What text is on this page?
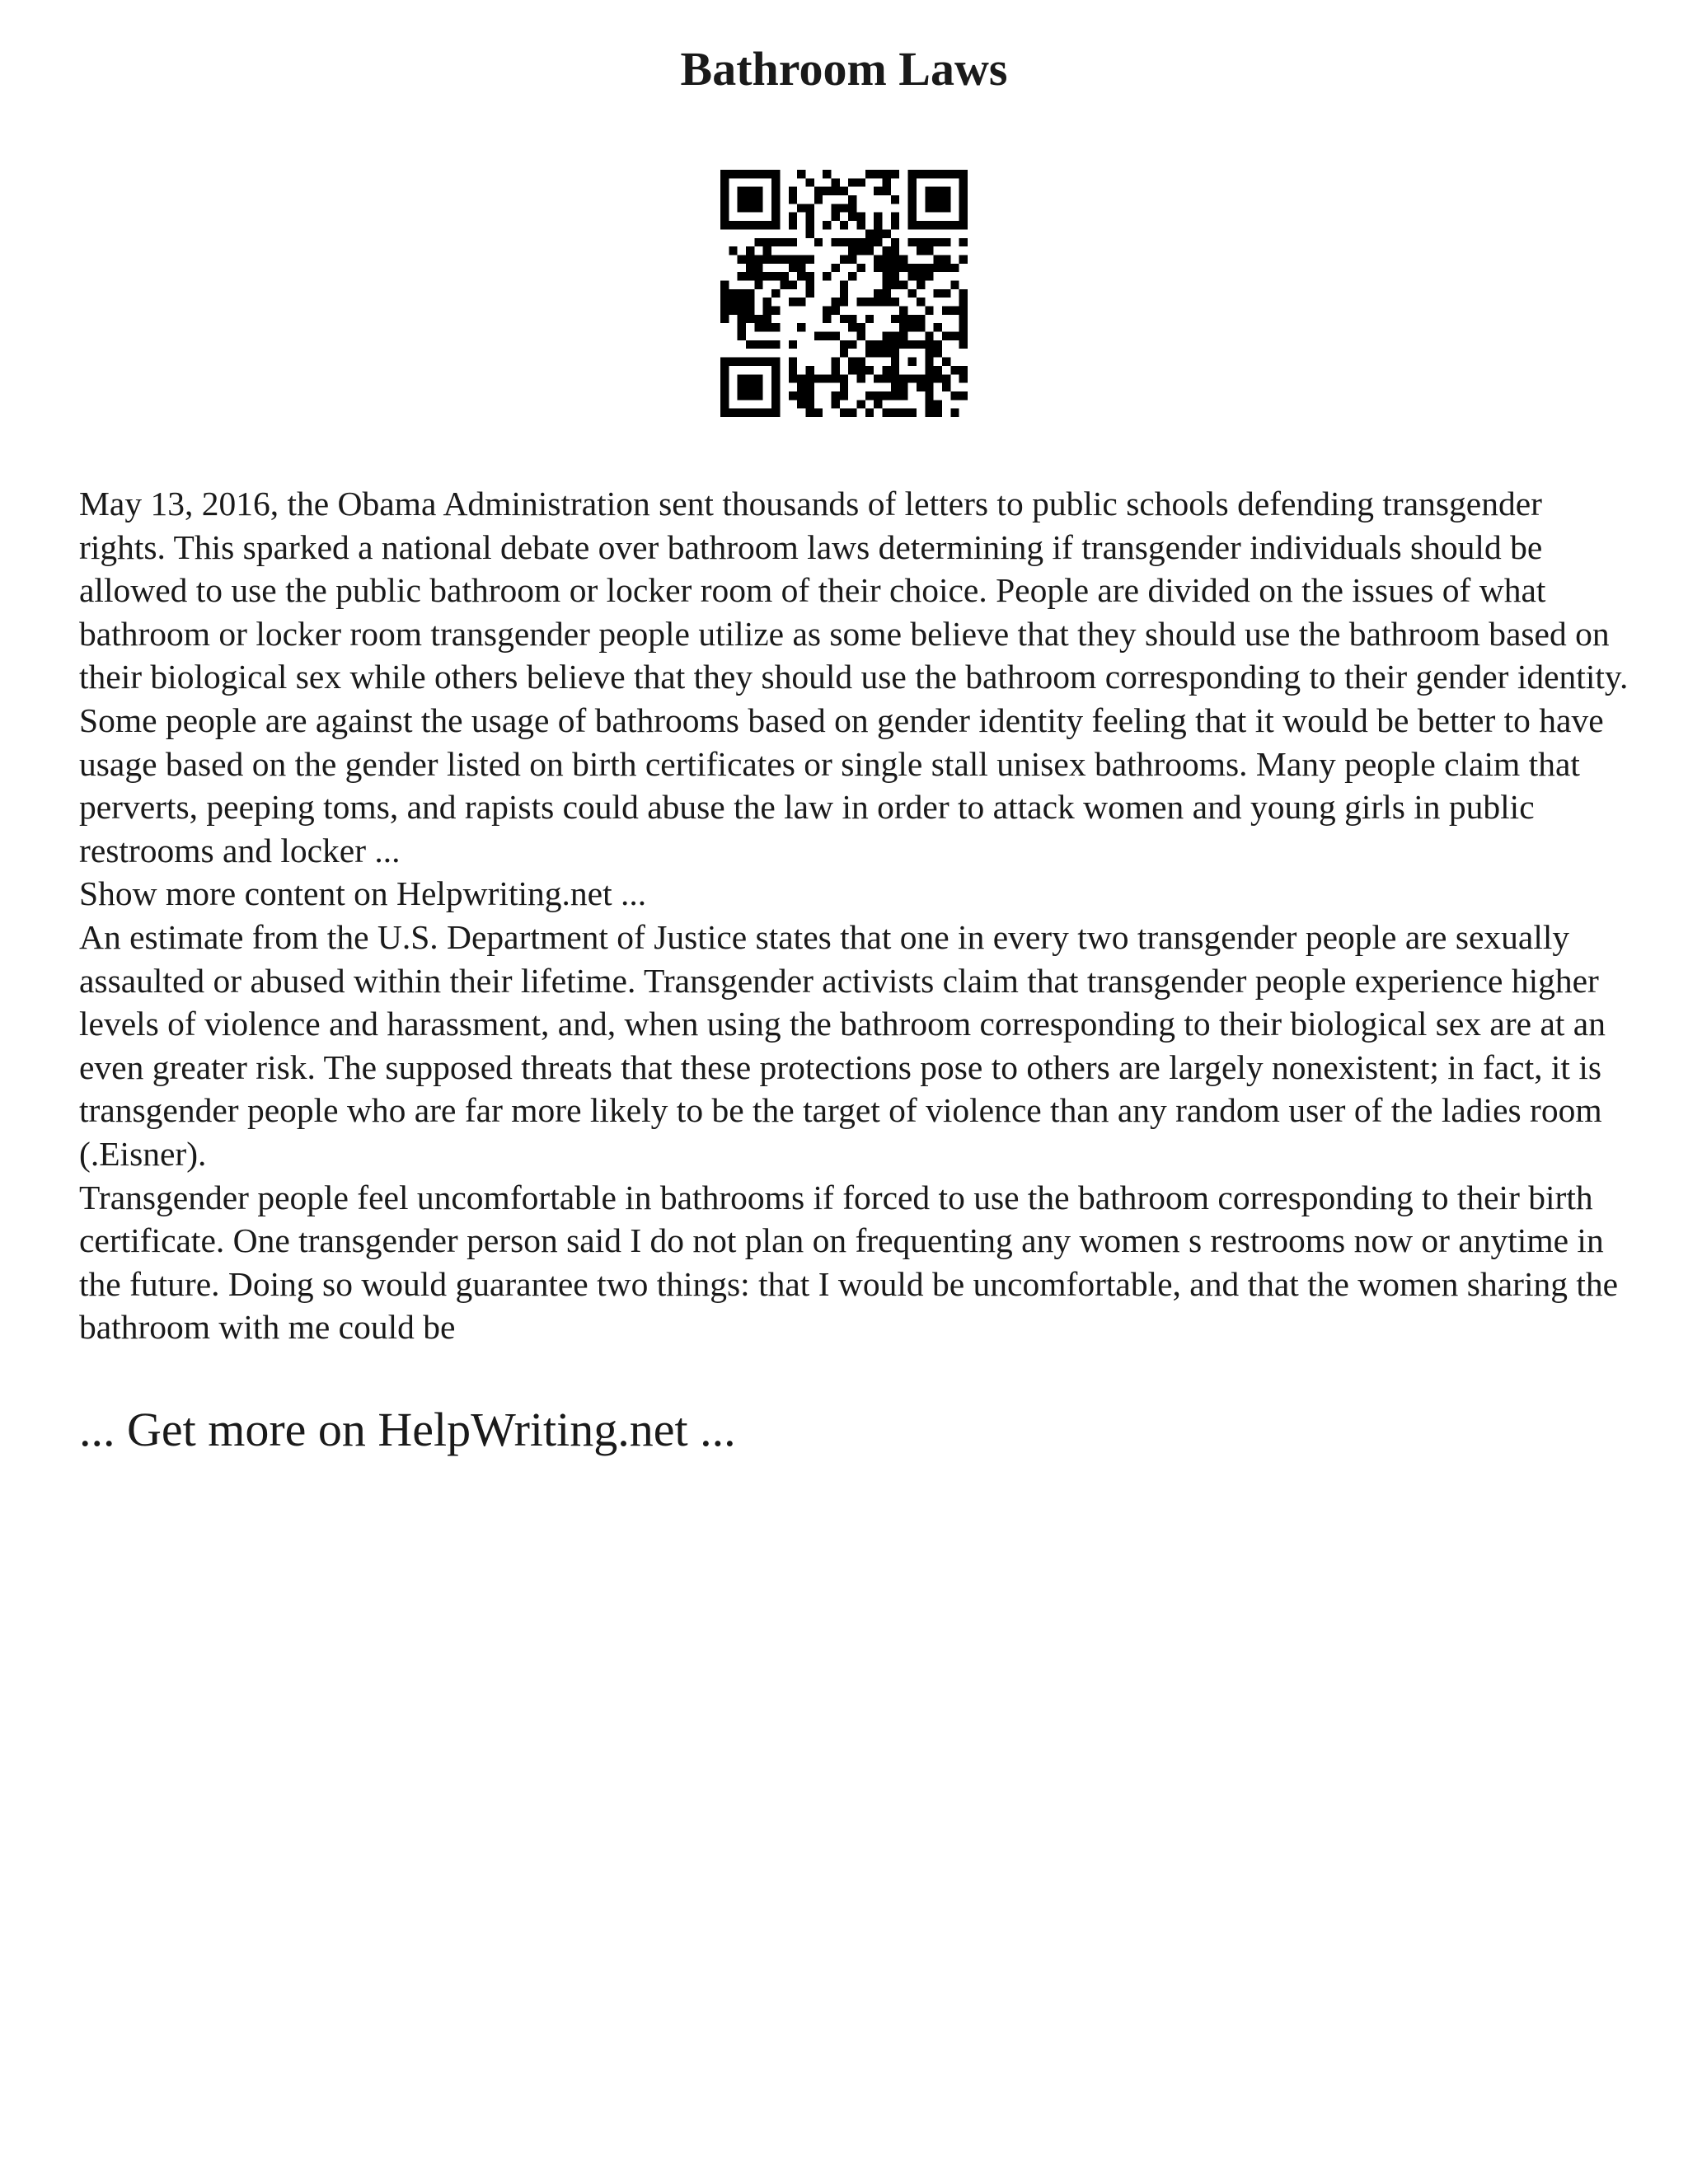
Bathroom Laws

May 13, 2016, the Obama Administration sent thousands of letters to public schools defending transgender rights. This sparked a national debate over bathroom laws determining if transgender individuals should be allowed to use the public bathroom or locker room of their choice. People are divided on the issues of what bathroom or locker room transgender people utilize as some believe that they should use the bathroom based on their biological sex while others believe that they should use the bathroom corresponding to their gender identity. Some people are against the usage of bathrooms based on gender identity feeling that it would be better to have usage based on the gender listed on birth certificates or single stall unisex bathrooms. Many people claim that perverts, peeping toms, and rapists could abuse the law in order to attack women and young girls in public restrooms and locker ...

Show more content on Helpwriting.net ...

An estimate from the U.S. Department of Justice states that one in every two transgender people are sexually assaulted or abused within their lifetime. Transgender activists claim that transgender people experience higher levels of violence and harassment, and, when using the bathroom corresponding to their biological sex are at an even greater risk. The supposed threats that these protections pose to others are largely nonexistent; in fact, it is transgender people who are far more likely to be the target of violence than any random user of the ladies room (.Eisner).

Transgender people feel uncomfortable in bathrooms if forced to use the bathroom corresponding to their birth certificate. One transgender person said I do not plan on frequenting any women s restrooms now or anytime in the future. Doing so would guarantee two things: that I would be uncomfortable, and that the women sharing the bathroom with me could be

... Get more on HelpWriting.net ...
